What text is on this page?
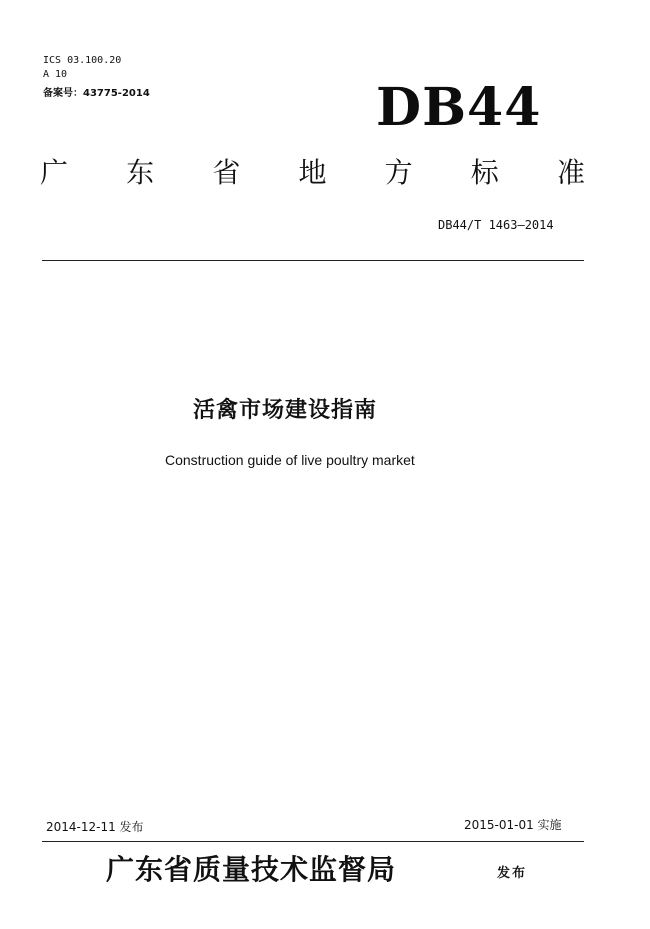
ICS 03.100.20
A 10
备案号：43775-2014	DB44
广 东 省 地 方 标 准
DB44/T 1463—2014
活禽市场建设指南
Construction guide of live poultry market
2014-12-11 发布	2015-01-01 实施
广东省质量技术监督局	发布
